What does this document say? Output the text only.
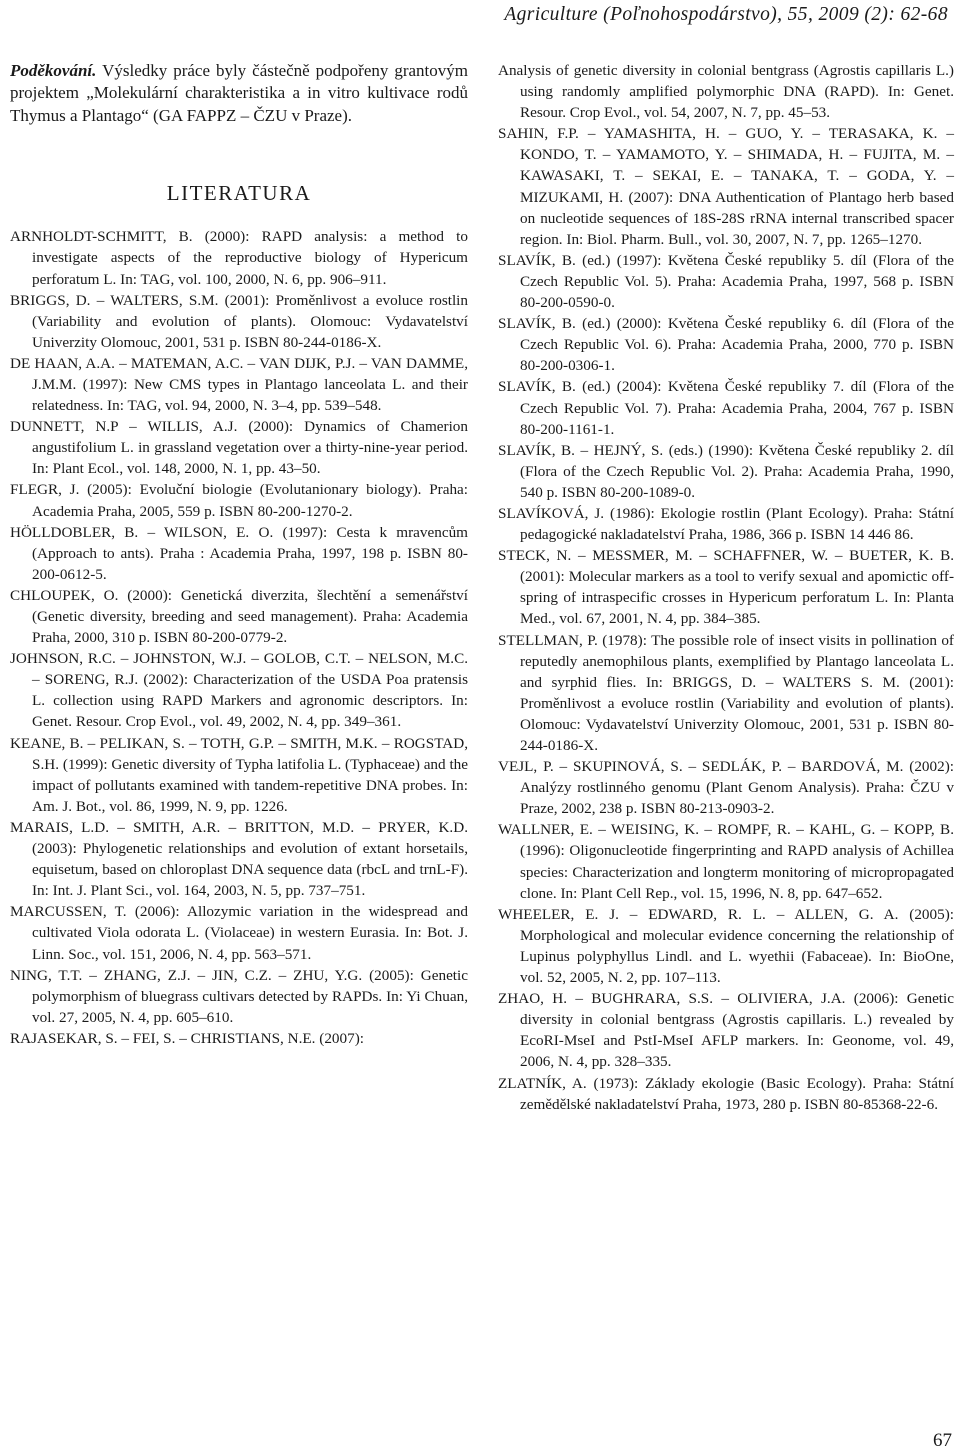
Agriculture (Poľnohospodárstvo), 55, 2009 (2): 62-68

Poděkování. Výsledky práce byly částečně podpořeny grantovým projektem „Molekulární charakteristika a in vitro kultivace rodů Thymus a Plantago“ (GA FAPPZ – ČZU v Praze).

LITERATURA

ARNHOLDT-SCHMITT, B. (2000): RAPD analysis: a method to investigate aspects of the reproductive biology of Hypericum perforatum L. In: TAG, vol. 100, 2000, N. 6, pp. 906–911.

BRIGGS, D. – WALTERS, S.M. (2001): Proměnlivost a evoluce rostlin (Variability and evolution of plants). Olomouc: Vydavatelství Univerzity Olomouc, 2001, 531 p. ISBN 80-244-0186-X.

DE HAAN, A.A. – MATEMAN, A.C. – VAN DIJK, P.J. – VAN DAMME, J.M.M. (1997): New CMS types in Plantago lanceolata L. and their relatedness. In: TAG, vol. 94, 2000, N. 3–4, pp. 539–548.

DUNNETT, N.P – WILLIS, A.J. (2000): Dynamics of Chamerion angustifolium L. in grassland vegetation over a thirty-nine-year period. In: Plant Ecol., vol. 148, 2000, N. 1, pp. 43–50.

FLEGR, J. (2005): Evoluční biologie (Evolutanionary biology). Praha: Academia Praha, 2005, 559 p. ISBN 80-200-1270-2.

HÖLLDOBLER, B. – WILSON, E. O. (1997): Cesta k mravencům (Approach to ants). Praha : Academia Praha, 1997, 198 p. ISBN 80-200-0612-5.

CHLOUPEK, O. (2000): Genetická diverzita, šlechtění a semenářství (Genetic diversity, breeding and seed management). Praha: Academia Praha, 2000, 310 p. ISBN 80-200-0779-2.

JOHNSON, R.C. – JOHNSTON, W.J. – GOLOB, C.T. – NELSON, M.C. – SORENG, R.J. (2002): Characterization of the USDA Poa pratensis L. collection using RAPD Markers and agronomic descriptors. In: Genet. Resour. Crop Evol., vol. 49, 2002, N. 4, pp. 349–361.

KEANE, B. – PELIKAN, S. – TOTH, G.P. – SMITH, M.K. – ROGSTAD, S.H. (1999): Genetic diversity of Typha latifolia L. (Typhaceae) and the impact of pollutants examined with tandem-repetitive DNA probes. In: Am. J. Bot., vol. 86, 1999, N. 9, pp. 1226.

MARAIS, L.D. – SMITH, A.R. – BRITTON, M.D. – PRYER, K.D. (2003): Phylogenetic relationships and evolution of extant horsetails, equisetum, based on chloroplast DNA sequence data (rbcL and trnL-F). In: Int. J. Plant Sci., vol. 164, 2003, N. 5, pp. 737–751.

MARCUSSEN, T. (2006): Allozymic variation in the widespread and cultivated Viola odorata L. (Violaceae) in western Eurasia. In: Bot. J. Linn. Soc., vol. 151, 2006, N. 4, pp. 563–571.

NING, T.T. – ZHANG, Z.J. – JIN, C.Z. – ZHU, Y.G. (2005): Genetic polymorphism of bluegrass cultivars detected by RAPDs. In: Yi Chuan, vol. 27, 2005, N. 4, pp. 605–610.

RAJASEKAR, S. – FEI, S. – CHRISTIANS, N.E. (2007):

Analysis of genetic diversity in colonial bentgrass (Agrostis capillaris L.) using randomly amplified polymorphic DNA (RAPD). In: Genet. Resour. Crop Evol., vol. 54, 2007, N. 7, pp. 45–53.

SAHIN, F.P. – YAMASHITA, H. – GUO, Y. – TERASAKA, K. – KONDO, T. – YAMAMOTO, Y. – SHIMADA, H. – FUJITA, M. – KAWASAKI, T. – SEKAI, E. – TANAKA, T. – GODA, Y. – MIZUKAMI, H. (2007): DNA Authentication of Plantago herb based on nucleotide sequences of 18S-28S rRNA internal transcribed spacer region. In: Biol. Pharm. Bull., vol. 30, 2007, N. 7, pp. 1265–1270.

SLAVÍK, B. (ed.) (1997): Květena České republiky 5. díl (Flora of the Czech Republic Vol. 5). Praha: Academia Praha, 1997, 568 p. ISBN 80-200-0590-0.

SLAVÍK, B. (ed.) (2000): Květena České republiky 6. díl (Flora of the Czech Republic Vol. 6). Praha: Academia Praha, 2000, 770 p. ISBN 80-200-0306-1.

SLAVÍK, B. (ed.) (2004): Květena České republiky 7. díl (Flora of the Czech Republic Vol. 7). Praha: Academia Praha, 2004, 767 p. ISBN 80-200-1161-1.

SLAVÍK, B. – HEJNÝ, S. (eds.) (1990): Květena České republiky 2. díl (Flora of the Czech Republic Vol. 2). Praha: Academia Praha, 1990, 540 p. ISBN 80-200-1089-0.

SLAVÍKOVÁ, J. (1986): Ekologie rostlin (Plant Ecology). Praha: Státní pedagogické nakladatelství Praha, 1986, 366 p. ISBN 14 446 86.

STECK, N. – MESSMER, M. – SCHAFFNER, W. – BUETER, K. B. (2001): Molecular markers as a tool to verify sexual and apomictic off-spring of intraspecific crosses in Hypericum perforatum L. In: Planta Med., vol. 67, 2001, N. 4, pp. 384–385.

STELLMAN, P. (1978): The possible role of insect visits in pollination of reputedly anemophilous plants, exemplified by Plantago lanceolata L. and syrphid flies. In: BRIGGS, D. – WALTERS S. M. (2001): Proměnlivost a evoluce rostlin (Variability and evolution of plants). Olomouc: Vydavatelství Univerzity Olomouc, 2001, 531 p. ISBN 80-244-0186-X.

VEJL, P. – SKUPINOVÁ, S. – SEDLÁK, P. – BARDOVÁ, M. (2002): Analýzy rostlinného genomu (Plant Genom Analysis). Praha: ČZU v Praze, 2002, 238 p. ISBN 80-213-0903-2.

WALLNER, E. – WEISING, K. – ROMPF, R. – KAHL, G. – KOPP, B. (1996): Oligonucleotide fingerprinting and RAPD analysis of Achillea species: Characterization and longterm monitoring of micropropagated clone. In: Plant Cell Rep., vol. 15, 1996, N. 8, pp. 647–652.

WHEELER, E. J. – EDWARD, R. L. – ALLEN, G. A. (2005): Morphological and molecular evidence concerning the relationship of Lupinus polyphyllus Lindl. and L. wyethii (Fabaceae). In: BioOne, vol. 52, 2005, N. 2, pp. 107–113.

ZHAO, H. – BUGHRARA, S.S. – OLIVIERA, J.A. (2006): Genetic diversity in colonial bentgrass (Agrostis capillaris. L.) revealed by EcoRI-MseI and PstI-MseI AFLP markers. In: Geonome, vol. 49, 2006, N. 4, pp. 328–335.

ZLATNÍK, A. (1973): Základy ekologie (Basic Ecology). Praha: Státní zemědělské nakladatelství Praha, 1973, 280 p. ISBN 80-85368-22-6.

67
